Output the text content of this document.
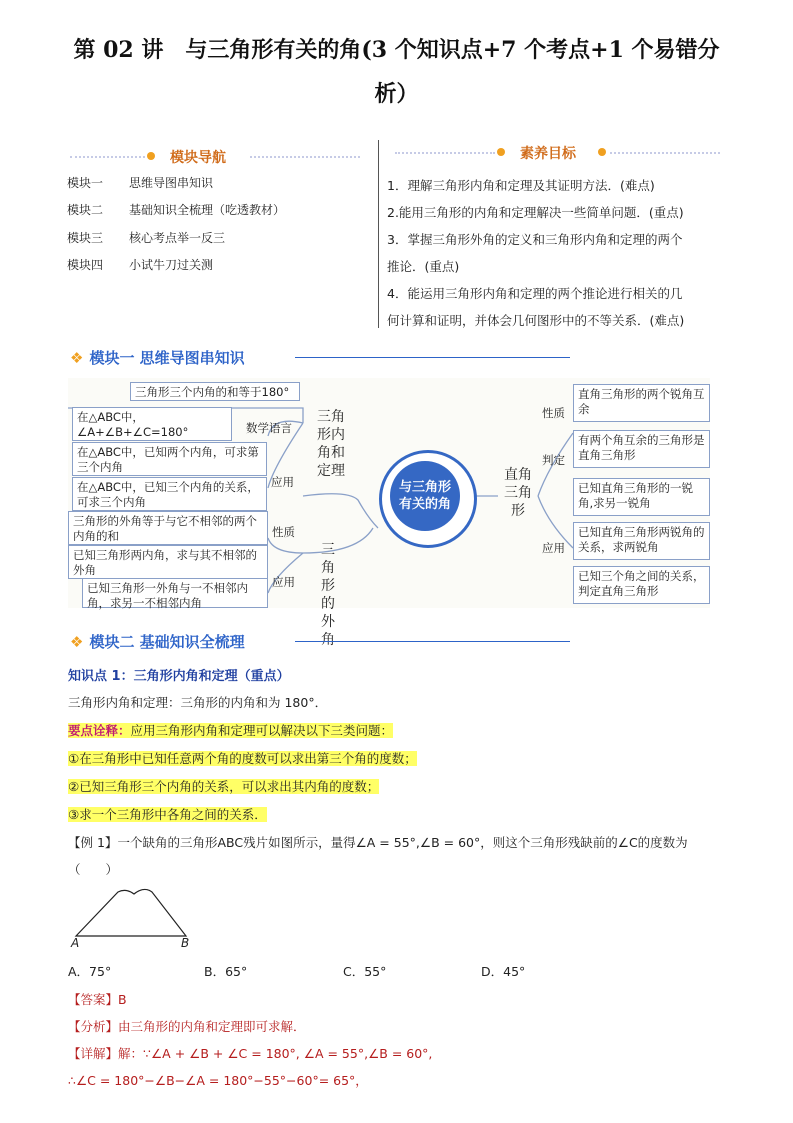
第 02 讲　与三角形有关的角(3 个知识点+7 个考点+1 个易错分
析）
模块导航
模块一 思维导图串知识
模块二 基础知识全梳理（吃透教材）
模块三 核心考点举一反三
模块四 小试牛刀过关测
素养目标
1．理解三角形内角和定理及其证明方法．(难点)
2.能用三角形的内角和定理解决一些简单问题．(重点)
3．掌握三角形外角的定义和三角形内角和定理的两个
推论．(重点)
4．能运用三角形内角和定理的两个推论进行相关的几
何计算和证明，并体会几何图形中的不等关系．(难点)
❖ 模块一 思维导图串知识
三角形三个内角的和等于180°
在△ABC中，∠A+∠B+∠C=180°	数学语言
在△ABC中，已知两个内角，可求第三个内角
应用
在△ABC中，已知三个内角的关系，可求三个内角
三角形内角和定理
三角形的外角等于与它不相邻的两个内角的和	性质
已知三角形两内角，求与其不相邻的外角
应用
已知三角形一外角与一不相邻内角，求另一不相邻内角
三角形的外角
与三角形有关的角
直角三角形
性质
直角三角形的两个锐角互余
判定
有两个角互余的三角形是直角三角形
已知直角三角形的一锐角,求另一锐角
应用
已知直角三角形两锐角的关系，求两锐角
已知三个角之间的关系，判定直角三角形
❖ 模块二 基础知识全梳理
知识点 1：三角形内角和定理（重点）
三角形内角和定理：三角形的内角和为 180°．
要点诠释：应用三角形内角和定理可以解决以下三类问题：
①在三角形中已知任意两个角的度数可以求出第三个角的度数；
②已知三角形三个内角的关系，可以求出其内角的度数；
③求一个三角形中各角之间的关系．
【例 1】一个缺角的三角形ABC残片如图所示，量得∠A = 55°,∠B = 60°，则这个三角形残缺前的∠C的度数为
（　　）
A	B
A．75°	B．65°	C．55°	D．45°
【答案】B
【分析】由三角形的内角和定理即可求解．
【详解】解：∵∠A + ∠B + ∠C = 180°, ∠A = 55°,∠B = 60°,
∴∠C = 180°−∠B−∠A = 180°−55°−60°= 65°，
